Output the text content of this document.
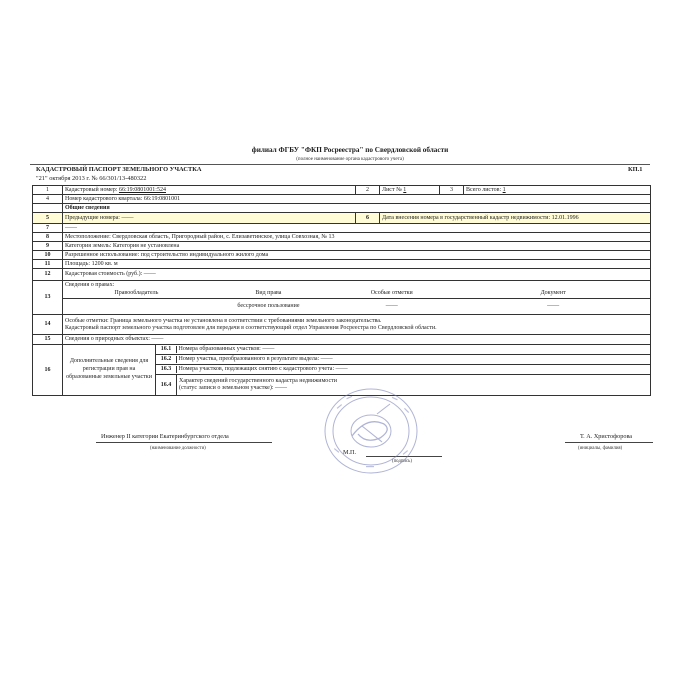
филиал ФГБУ "ФКП Росреестра" по Свердловской области
(полное наименование органа кадастрового учета)
КАДАСТРОВЫЙ ПАСПОРТ ЗЕМЕЛЬНОГО УЧАСТКА	КП.1
"21" октября 2013 г. № 66/301/13-480322
1	Кадастровый номер: 66:19:0801001:524	2	Лист № 1	3	Всего листов: 1
4	Номер кадастрового квартала: 66:19:0801001
	Общие сведения
5	Предыдущие номера: ——	6	Дата внесения номера в государственный кадастр недвижимости: 12.01.1996
7	——
8	Местоположение: Свердловская область, Пригородный район, с. Елизаветинское, улица Совхозная, № 13
9	Категория земель: Категория не установлена
10	Разрешенное использование: под строительство индивидуального жилого дома
11	Площадь: 1200 кв. м
12	Кадастровая стоимость (руб.): ——
13	
Сведения о правах:
Правообладатель	Вид права	Особые отметки	Документ
	бессрочное пользование	——	——

14	
Особые отметки: Граница земельного участка не установлена в соответствии с требованиями земельного законодательства.
Кадастровый паспорт земельного участка подготовлен для передачи в соответствующий отдел Управления Росреестра по Свердловской области.

15	Сведения о природных объектах: ——
16	Дополнительные сведения для регистрации прав на образованные земельные участки	16.1 Номера образованных участков: ——
16.2 Номер участка, преобразованного в результате выдела: ——
16.3 Номера участков, подлежащих снятию с кадастрового учета: ——

16.4
Характер сведений государственного кадастра недвижимости
(статус записи о земельном участке): ——
Инженер II категории Екатеринбургского отдела
(наименование должности)
М.П.
(подпись)
Т. А. Христофорова
(инициалы, фамилия)
